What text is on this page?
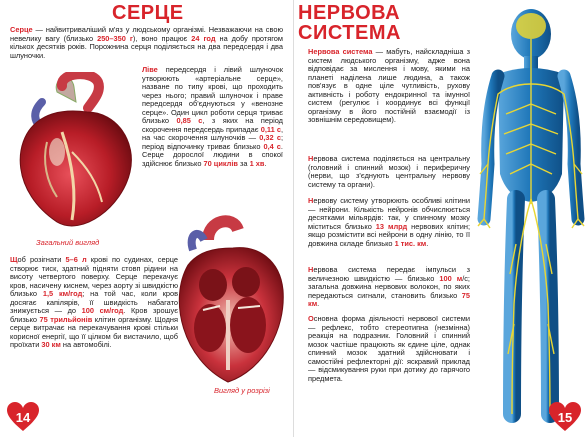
СЕРЦЕ

Серце — найвитривaлiший м'яз у людському організмі. Незважаючи на свою невелику вагу (близько 250–350 г), воно працює 24 год на добу протягом кількох десятків років. Порожнина серця поділяється на два передсердя і два шлуночки.

Ліве передсердя і лівий шлуночок утворюють «артеріальне серце», назване по типу крові, що проходить через нього; правий шлуночок і праве передсердя об'єднуються у «венозне серце». Один цикл роботи серця триває близько 0,85 с, з яких на період скорочення передсердь припадає 0,11 с, на час скорочення шлуночків — 0,32 с; період відпочинку триває близько 0,4 с. Серце дорослої людини в спокої здійснює близько 70 циклів за 1 хв.

Загальний вигляд
Вигляд у розрізі

Щоб розігнати 5–6 л крові по судинах, серце створює тиск, здатний підняти стовп рідини на висоту четвертого поверху. Серце перекачує кров, насичену киснем, через аорту зі швидкістю близько 1,5 км/год; на той час, коли кров досягає капілярів, її швидкість набагато знижується — до 100 см/год. Кров зрошує близько 75 трильйонів клітин організму. Щодня серце витрачає на перекачування крові стільки корисної енергії, що її цілком би вистачило, щоб проїхати 30 км на автомобілі.

14
НЕРВОВА
СИСТЕМА

Нервова система — мабуть, найскладніша з систем людського організму, адже вона відповідає за мислення і мову, якими на планеті наділена лише людина, а також пов'язує в одне ціле чутливість, рухову активність і роботу ендокринної та імунної систем (регулює і координує всі функції організму в його постійній взаємодії із зовнішнім середовищем).

Нервова система поділяється на центральну (головний і спинний мозок) і периферичну (нерви, що з'єднують центральну нервову систему та органи).

Нервову систему утворюють особливі клітини — нейрони. Кількість нейронів обчислюється десятками мільярдів: так, у спинному мозку міститься близько 13 млрд нервових клітин; якщо розмістити всі нейрони в одну лінію, то її довжина складе близько 1 тис. км.

Нервова система передає імпульси з величезною швидкістю — близько 100 м/с; загальна довжина нервових волокон, по яких передаються сигнали, становить близько 75 км.

Основна форма діяльності нервової системи — рефлекс, тобто стереотипна (незмінна) реакція на подразник. Головний і спинний мозок частіше працюють як єдине ціле, однак спинний мозок здатний здійснювати і самостійні рефлекторні дії: яскравий приклад — відсмикування руки при дотику до гарячого предмета.

15
